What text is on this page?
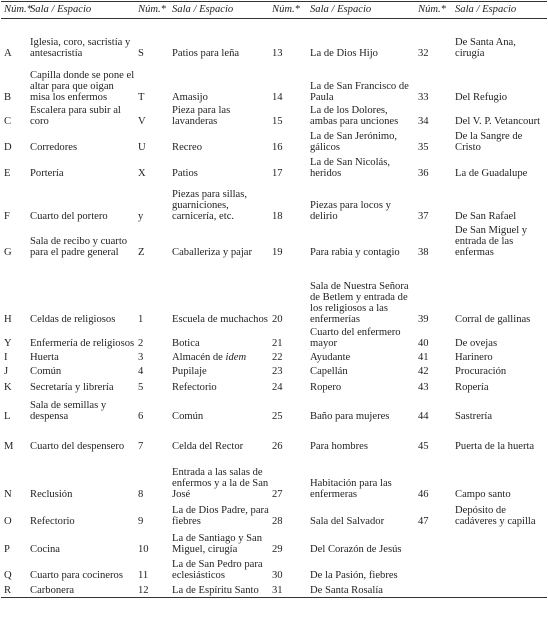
Núm.*	Sala / Espacio	Núm.*	Sala / Espacio	Núm.*	Sala / Espacio	Núm.*	Sala / Espacio
A	Iglesia, coro, sacristía y antesacristía	S	Patios para leña	13	La de Dios Hijo	32	De Santa Ana, cirugía
B	Capilla donde se pone el altar para que oigan misa los enfermos	T	Amasijo	14	La de San Francisco de Paula	33	Del Refugio
C	Escalera para subir al coro	V	Pieza para las lavanderas	15	La de los Dolores, ambas para unciones	34	Del V. P. Vetancourt
D	Corredores	U	Recreo	16	La de San Jerónimo, gálicos	35	De la Sangre de Cristo
E	Portería	X	Patios	17	La de San Nicolás, heridos	36	La de Guadalupe
F	Cuarto del portero	y	Piezas para sillas, guarniciones, carnicería, etc.	18	Piezas para locos y delirio	37	De San Rafael
G	Sala de recibo y cuarto para el padre general	Z	Caballeriza y pajar	19	Para rabia y contagio	38	De San Miguel y entrada de las enfermas
H	Celdas de religiosos	1	Escuela de muchachos	20	Sala de Nuestra Señora de Betlem y entrada de los religiosos a las enfermerías	39	Corral de gallinas
Y	Enfermería de religiosos	2	Botica	21	Cuarto del enfermero mayor	40	De ovejas
I	Huerta	3	Almacén de idem	22	Ayudante	41	Harinero
J	Común	4	Pupilaje	23	Capellán	42	Procuración
K	Secretaría y librería	5	Refectorio	24	Ropero	43	Ropería
L	Sala de semillas y despensa	6	Común	25	Baño para mujeres	44	Sastrería
M	Cuarto del despensero	7	Celda del Rector	26	Para hombres	45	Puerta de la huerta
N	Reclusión	8	Entrada a las salas de enfermos y a la de San José	27	Habitación para las enfermeras	46	Campo santo
O	Refectorio	9	La de Dios Padre, para fiebres	28	Sala del Salvador	47	Depósito de cadáveres y capilla
P	Cocina	10	La de Santiago y San Miguel, cirugía	29	Del Corazón de Jesús		
Q	Cuarto para cocineros	11	La de San Pedro para eclesiásticos	30	De la Pasión, fiebres		
R	Carbonera	12	La de Espíritu Santo	31	De Santa Rosalía		
